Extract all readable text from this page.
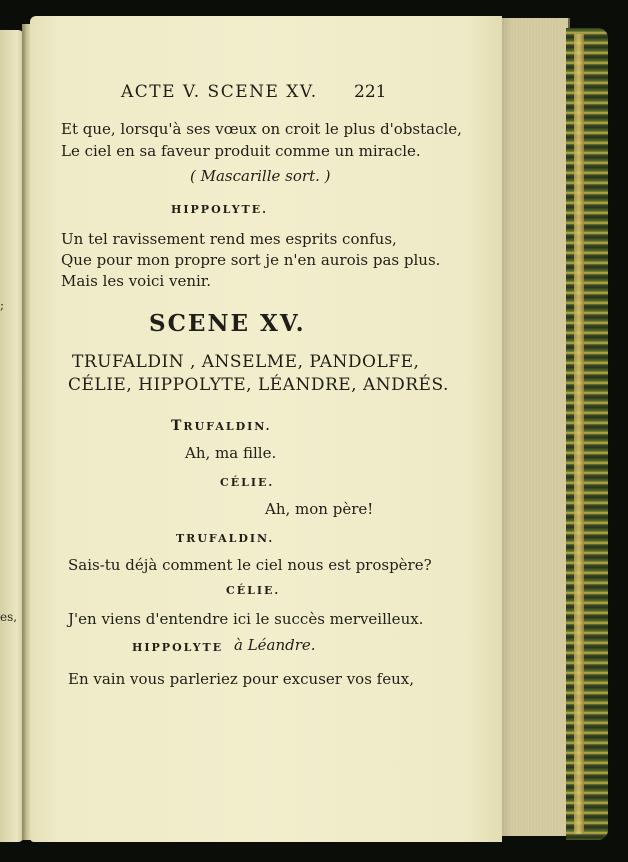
;
es,
ACTE V. SCENE XV. 221
Et que, lorsqu'à ses vœux on croit le plus d'obstacle,
Le ciel en sa faveur produit comme un miracle.
( Mascarille sort. )
HIPPOLYTE.
Un tel ravissement rend mes esprits confus,
Que pour mon propre sort je n'en aurois pas plus.
Mais les voici venir.
SCENE XV.
TRUFALDIN , ANSELME, PANDOLFE,
CÉLIE, HIPPOLYTE, LÉANDRE, ANDRÉS.
TRUFALDIN.
Ah, ma fille.
CÉLIE.
Ah, mon père!
TRUFALDIN.
Sais-tu déjà comment le ciel nous est prospère?
CÉLIE.
J'en viens d'entendre ici le succès merveilleux.
HIPPOLYTE à Léandre.
En vain vous parleriez pour excuser vos feux,
